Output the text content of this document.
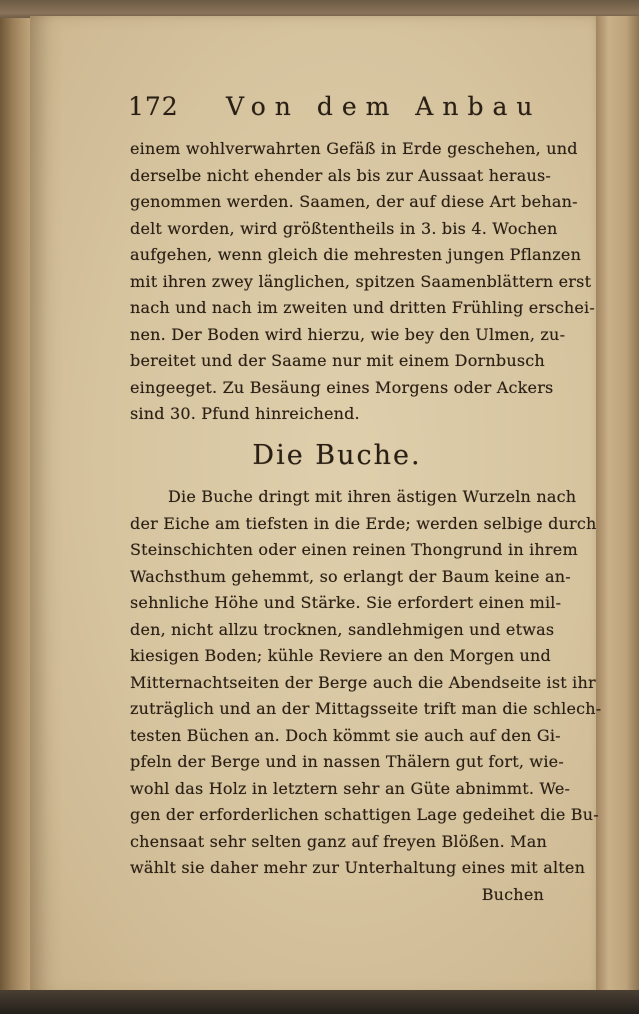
172 Von dem Anbau
einem wohlverwahrten Gefäß in Erde geschehen, und
derselbe nicht ehender als bis zur Aussaat heraus-
genommen werden. Saamen, der auf diese Art behan-
delt worden, wird größtentheils in 3. bis 4. Wochen
aufgehen, wenn gleich die mehresten jungen Pflanzen
mit ihren zwey länglichen, spitzen Saamenblättern erst
nach und nach im zweiten und dritten Frühling erschei-
nen. Der Boden wird hierzu, wie bey den Ulmen, zu-
bereitet und der Saame nur mit einem Dornbusch
eingeeget. Zu Besäung eines Morgens oder Ackers
sind 30. Pfund hinreichend.
Die Buche.
Die Buche dringt mit ihren ästigen Wurzeln nach
der Eiche am tiefsten in die Erde; werden selbige durch
Steinschichten oder einen reinen Thongrund in ihrem
Wachsthum gehemmt, so erlangt der Baum keine an-
sehnliche Höhe und Stärke. Sie erfordert einen mil-
den, nicht allzu trocknen, sandlehmigen und etwas
kiesigen Boden; kühle Reviere an den Morgen und
Mitternachtseiten der Berge auch die Abendseite ist ihr
zuträglich und an der Mittagsseite trift man die schlech-
testen Büchen an. Doch kömmt sie auch auf den Gi-
pfeln der Berge und in nassen Thälern gut fort, wie-
wohl das Holz in letztern sehr an Güte abnimmt. We-
gen der erforderlichen schattigen Lage gedeihet die Bu-
chensaat sehr selten ganz auf freyen Blößen. Man
wählt sie daher mehr zur Unterhaltung eines mit alten
Buchen
